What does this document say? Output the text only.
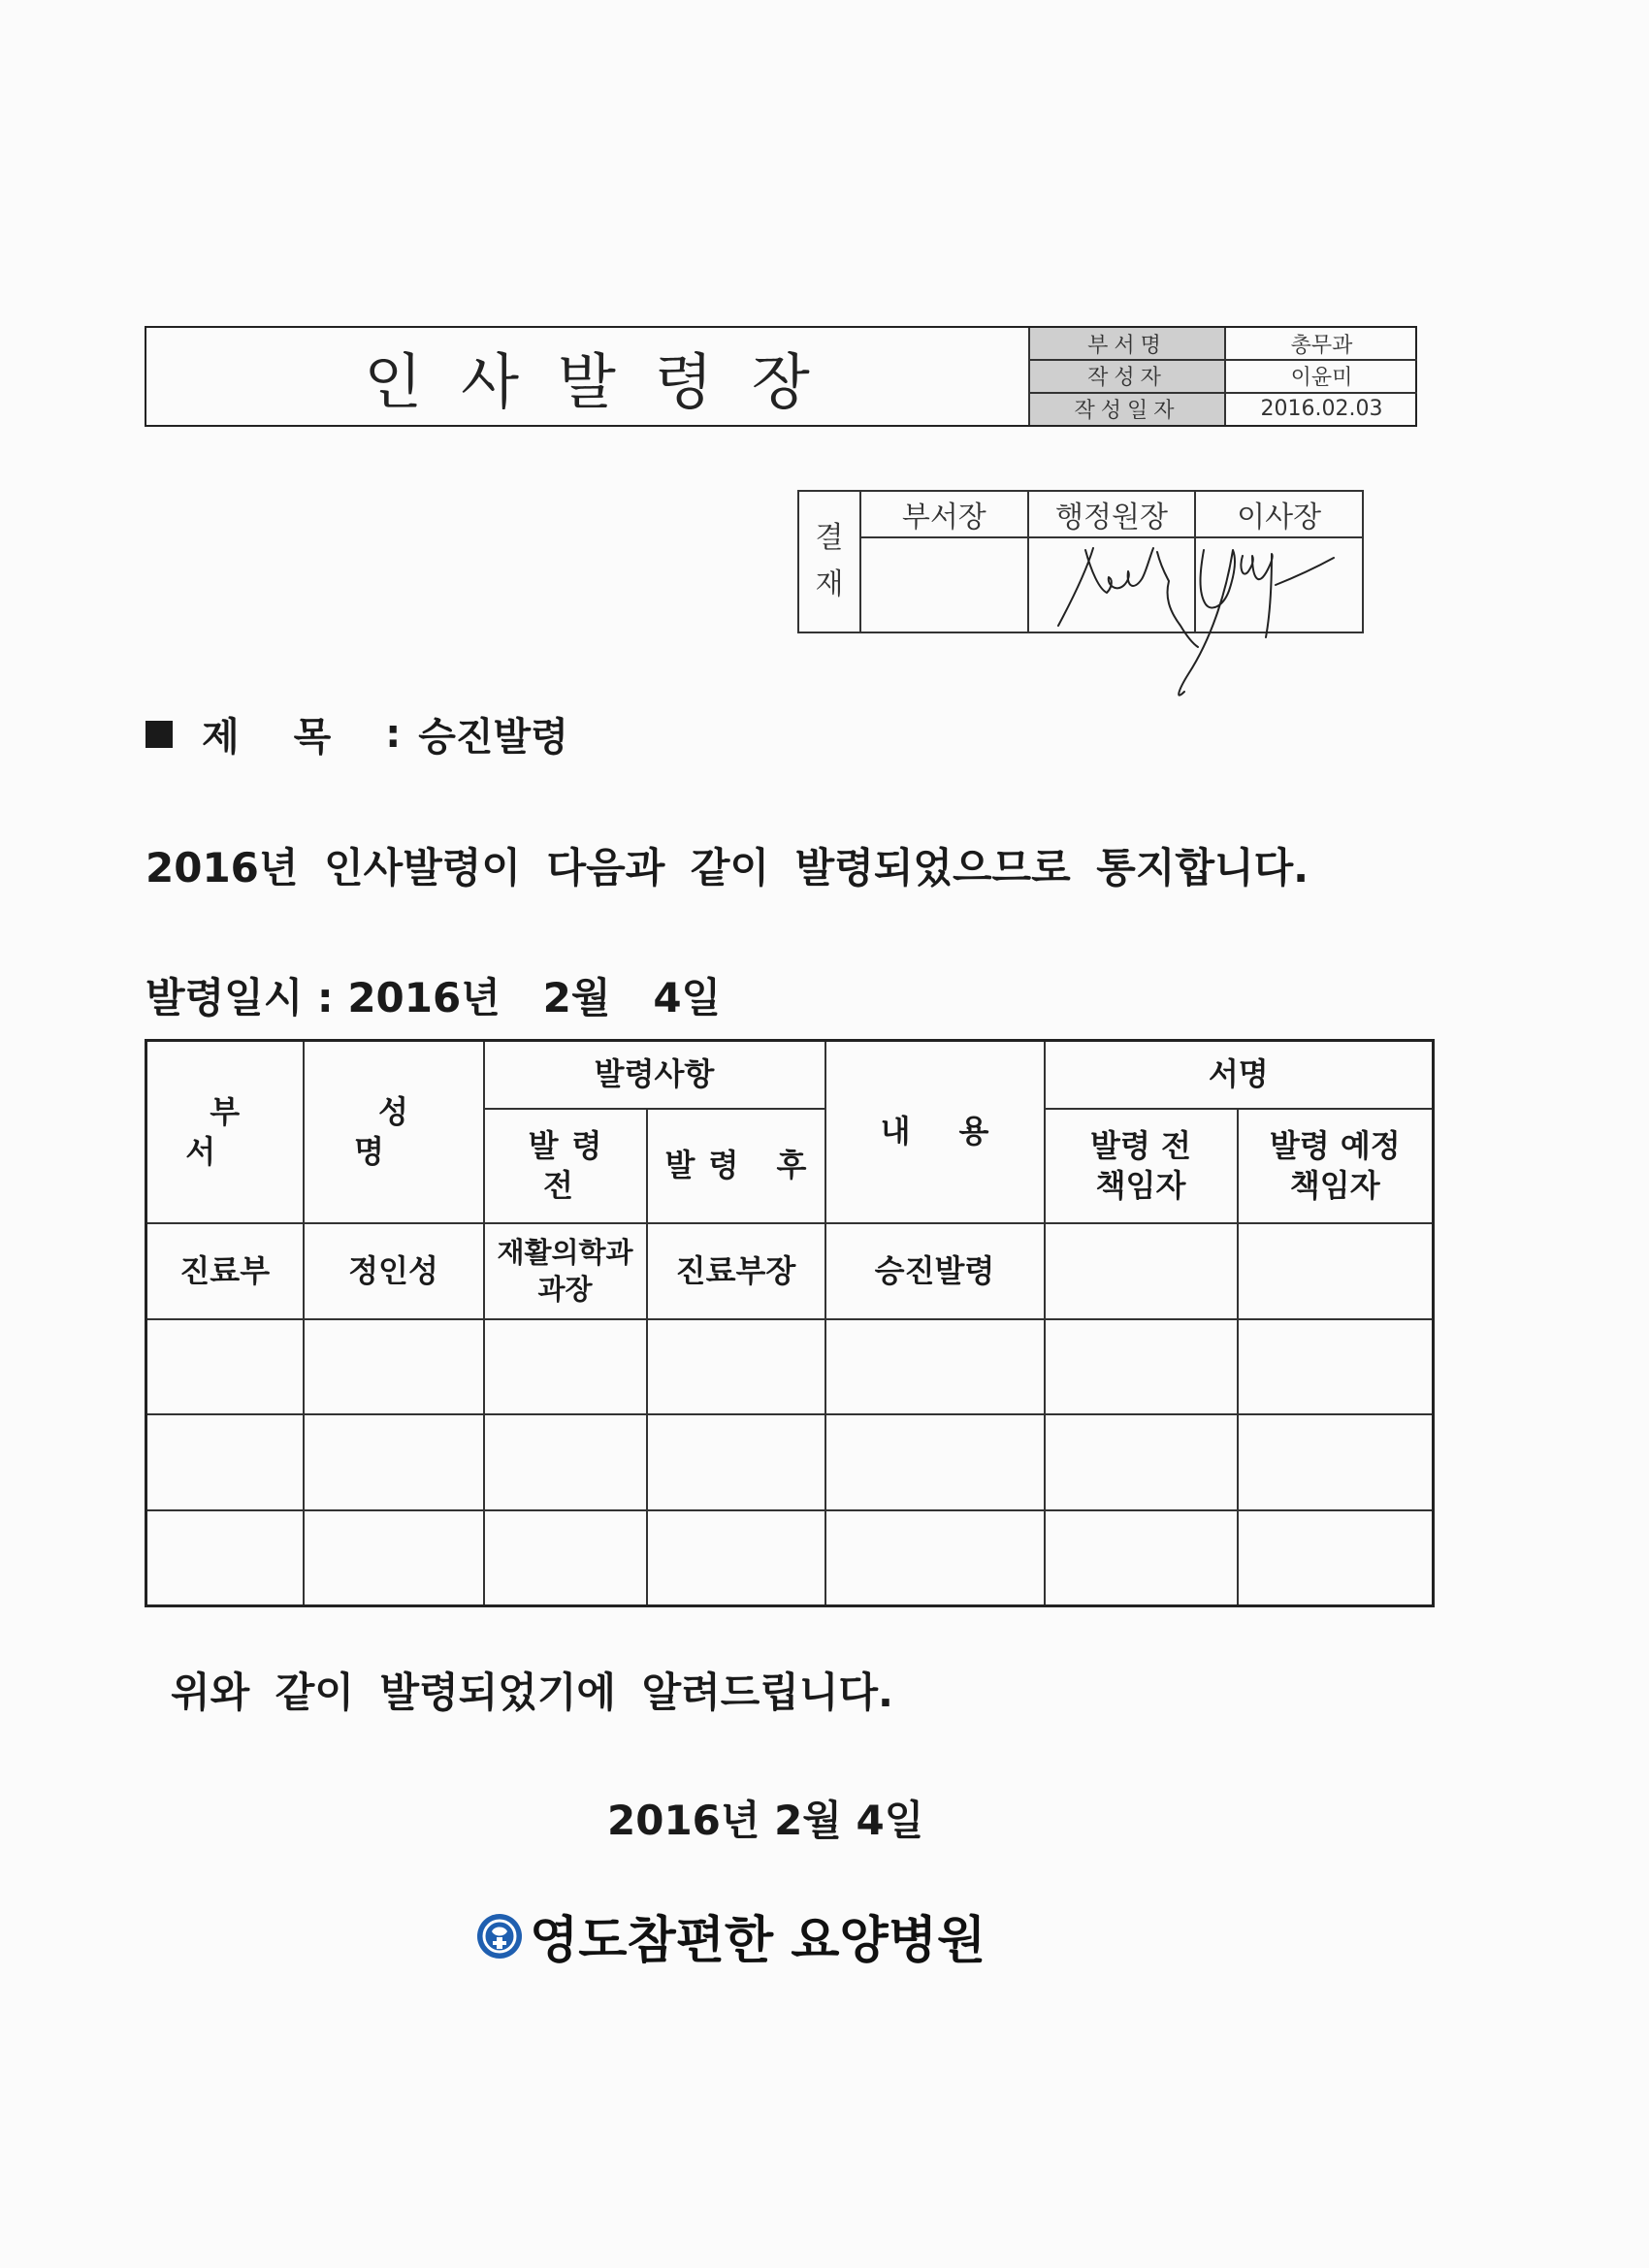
인사발령장
부서명	총무과
작성자	이윤미
작성일자	2016.02.03
결
재	부서장	행정원장	이사장

제목 : 승진발령
2016년 인사발령이 다음과 같이 발령되었으므로 통지합니다.
발령일시 : 2016년   2월   4일
부서	성명	발령사항		내용	서명	
		발령 전	발령 후		발령 전 책임자	발령 예정 책임자
진료부	정인성	재활의학과 과장	진료부장	승진발령		

위와 같이 발령되었기에 알려드립니다.
2016년 2월 4일
영도참편한 요양병원
